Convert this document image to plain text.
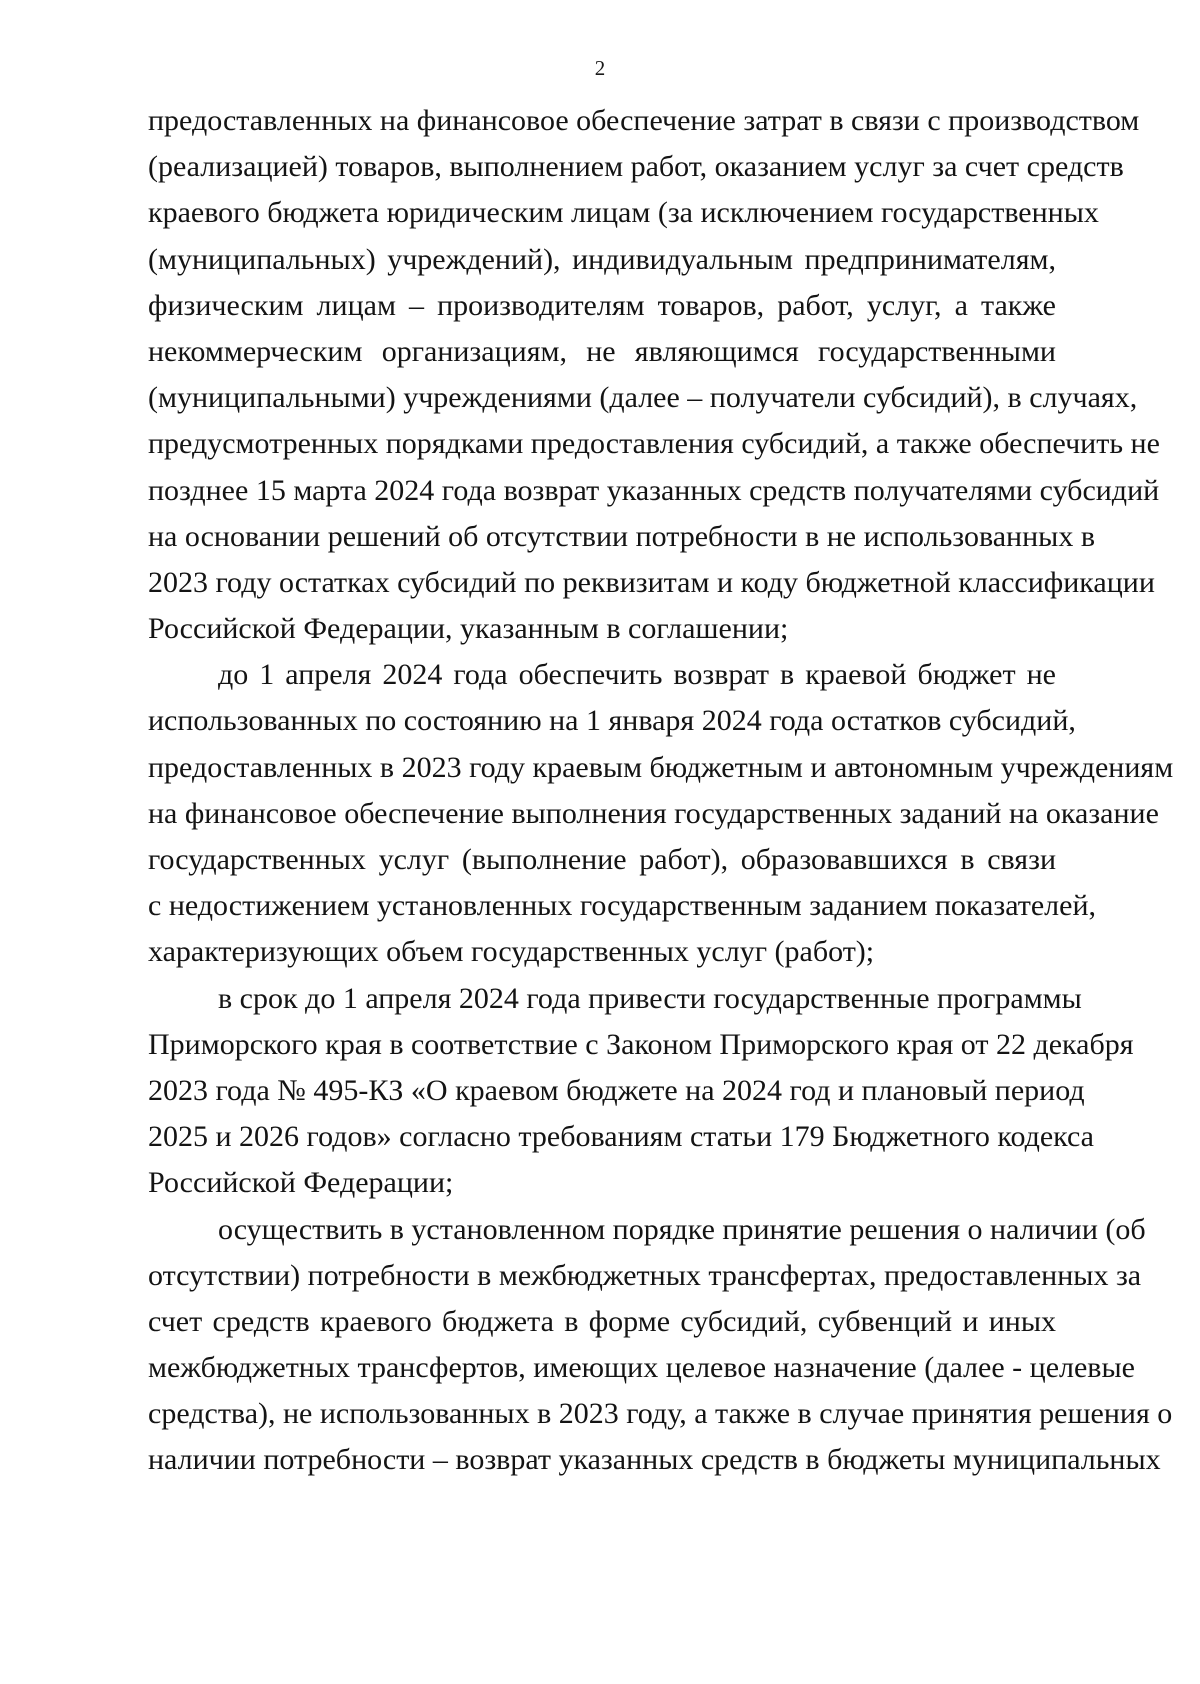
2
предоставленных на финансовое обеспечение затрат в связи с производством
(реализацией) товаров, выполнением работ, оказанием услуг за счет средств
краевого бюджета юридическим лицам (за исключением государственных
(муниципальных) учреждений), индивидуальным предпринимателям,
физическим лицам – производителям товаров, работ, услуг, а также
некоммерческим организациям, не являющимся государственными
(муниципальными) учреждениями (далее – получатели субсидий), в случаях,
предусмотренных порядками предоставления субсидий, а также обеспечить не
позднее 15 марта 2024 года возврат указанных средств получателями субсидий
на основании решений об отсутствии потребности в не использованных в
2023 году остатках субсидий по реквизитам и коду бюджетной классификации
Российской Федерации, указанным в соглашении;
до 1 апреля 2024 года обеспечить возврат в краевой бюджет не
использованных по состоянию на 1 января 2024 года остатков субсидий,
предоставленных в 2023 году краевым бюджетным и автономным учреждениям
на финансовое обеспечение выполнения государственных заданий на оказание
государственных услуг (выполнение работ), образовавшихся в связи
с недостижением установленных государственным заданием показателей,
характеризующих объем государственных услуг (работ);
в срок до 1 апреля 2024 года привести государственные программы
Приморского края в соответствие с Законом Приморского края от 22 декабря
2023 года № 495-КЗ «О краевом бюджете на 2024 год и плановый период
2025 и 2026 годов» согласно требованиям статьи 179 Бюджетного кодекса
Российской Федерации;
осуществить в установленном порядке принятие решения о наличии (об
отсутствии) потребности в межбюджетных трансфертах, предоставленных за
счет средств краевого бюджета в форме субсидий, субвенций и иных
межбюджетных трансфертов, имеющих целевое назначение (далее - целевые
средства), не использованных в 2023 году, а также в случае принятия решения о
наличии потребности – возврат указанных средств в бюджеты муниципальных
